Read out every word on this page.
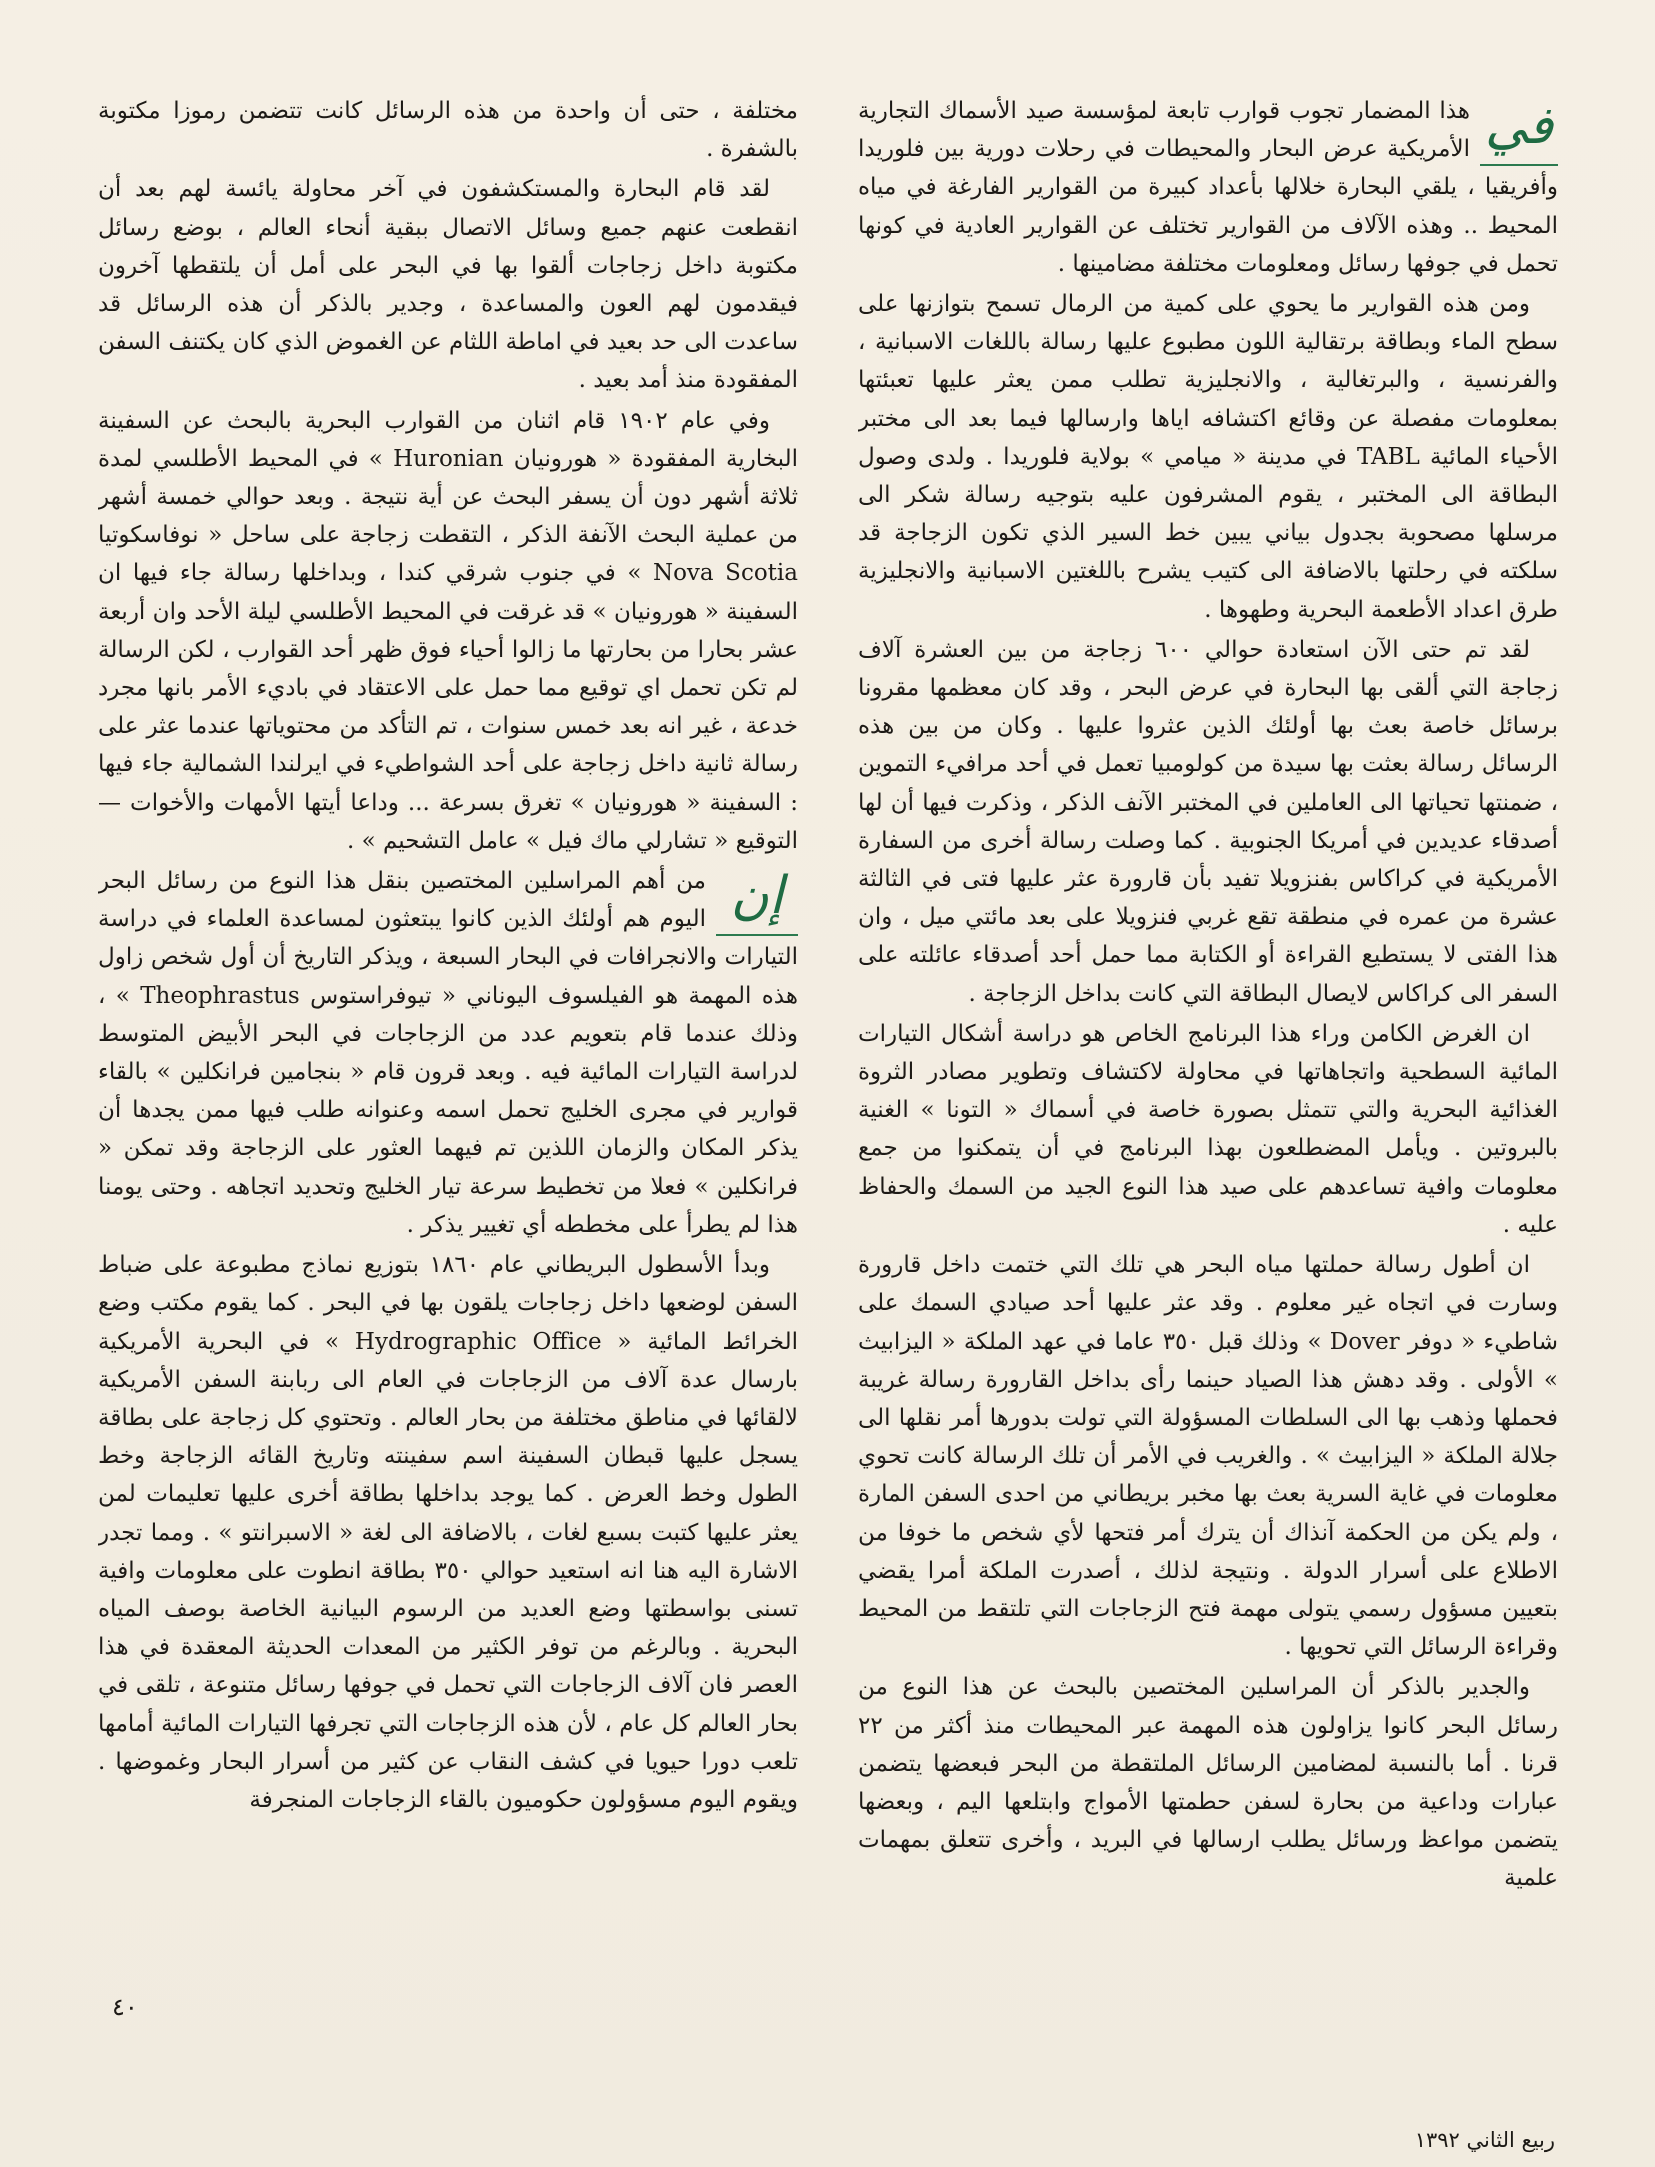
في

هذا المضمار تجوب قوارب تابعة لمؤسسة صيد الأسماك التجارية الأمريكية عرض البحار والمحيطات في رحلات دورية بين فلوريدا وأفريقيا ، يلقي البحارة خلالها بأعداد كبيرة من القوارير الفارغة في مياه المحيط .. وهذه الآلاف من القوارير تختلف عن القوارير العادية في كونها تحمل في جوفها رسائل ومعلومات مختلفة مضامينها .

ومن هذه القوارير ما يحوي على كمية من الرمال تسمح بتوازنها على سطح الماء وبطاقة برتقالية اللون مطبوع عليها رسالة باللغات الاسبانية ، والفرنسية ، والبرتغالية ، والانجليزية تطلب ممن يعثر عليها تعبئتها بمعلومات مفصلة عن وقائع اكتشافه اياها وارسالها فيما بعد الى مختبر الأحياء المائية TABL في مدينة « ميامي » بولاية فلوريدا . ولدى وصول البطاقة الى المختبر ، يقوم المشرفون عليه بتوجيه رسالة شكر الى مرسلها مصحوبة بجدول بياني يبين خط السير الذي تكون الزجاجة قد سلكته في رحلتها بالاضافة الى كتيب يشرح باللغتين الاسبانية والانجليزية طرق اعداد الأطعمة البحرية وطهوها .

لقد تم حتى الآن استعادة حوالي ٦٠٠ زجاجة من بين العشرة آلاف زجاجة التي ألقى بها البحارة في عرض البحر ، وقد كان معظمها مقرونا برسائل خاصة بعث بها أولئك الذين عثروا عليها . وكان من بين هذه الرسائل رسالة بعثت بها سيدة من كولومبيا تعمل في أحد مرافيء التموين ، ضمنتها تحياتها الى العاملين في المختبر الآنف الذكر ، وذكرت فيها أن لها أصدقاء عديدين في أمريكا الجنوبية . كما وصلت رسالة أخرى من السفارة الأمريكية في كراكاس بفنزويلا تفيد بأن قارورة عثر عليها فتى في الثالثة عشرة من عمره في منطقة تقع غربي فنزويلا على بعد مائتي ميل ، وان هذا الفتى لا يستطيع القراءة أو الكتابة مما حمل أحد أصدقاء عائلته على السفر الى كراكاس لايصال البطاقة التي كانت بداخل الزجاجة .

ان الغرض الكامن وراء هذا البرنامج الخاص هو دراسة أشكال التيارات المائية السطحية واتجاهاتها في محاولة لاكتشاف وتطوير مصادر الثروة الغذائية البحرية والتي تتمثل بصورة خاصة في أسماك « التونا » الغنية بالبروتين . ويأمل المضطلعون بهذا البرنامج في أن يتمكنوا من جمع معلومات وافية تساعدهم على صيد هذا النوع الجيد من السمك والحفاظ عليه .

ان أطول رسالة حملتها مياه البحر هي تلك التي ختمت داخل قارورة وسارت في اتجاه غير معلوم . وقد عثر عليها أحد صيادي السمك على شاطيء « دوفر Dover » وذلك قبل ٣٥٠ عاما في عهد الملكة « اليزابيث » الأولى . وقد دهش هذا الصياد حينما رأى بداخل القارورة رسالة غريبة فحملها وذهب بها الى السلطات المسؤولة التي تولت بدورها أمر نقلها الى جلالة الملكة « اليزابيث » . والغريب في الأمر أن تلك الرسالة كانت تحوي معلومات في غاية السرية بعث بها مخبر بريطاني من احدى السفن المارة ، ولم يكن من الحكمة آنذاك أن يترك أمر فتحها لأي شخص ما خوفا من الاطلاع على أسرار الدولة . ونتيجة لذلك ، أصدرت الملكة أمرا يقضي بتعيين مسؤول رسمي يتولى مهمة فتح الزجاجات التي تلتقط من المحيط وقراءة الرسائل التي تحويها .

والجدير بالذكر أن المراسلين المختصين بالبحث عن هذا النوع من رسائل البحر كانوا يزاولون هذه المهمة عبر المحيطات منذ أكثر من ٢٢ قرنا . أما بالنسبة لمضامين الرسائل الملتقطة من البحر فبعضها يتضمن عبارات وداعية من بحارة لسفن حطمتها الأمواج وابتلعها اليم ، وبعضها يتضمن مواعظ ورسائل يطلب ارسالها في البريد ، وأخرى تتعلق بمهمات علمية

مختلفة ، حتى أن واحدة من هذه الرسائل كانت تتضمن رموزا مكتوبة بالشفرة .

لقد قام البحارة والمستكشفون في آخر محاولة يائسة لهم بعد أن انقطعت عنهم جميع وسائل الاتصال ببقية أنحاء العالم ، بوضع رسائل مكتوبة داخل زجاجات ألقوا بها في البحر على أمل أن يلتقطها آخرون فيقدمون لهم العون والمساعدة ، وجدير بالذكر أن هذه الرسائل قد ساعدت الى حد بعيد في اماطة اللثام عن الغموض الذي كان يكتنف السفن المفقودة منذ أمد بعيد .

وفي عام ١٩٠٢ قام اثنان من القوارب البحرية بالبحث عن السفينة البخارية المفقودة « هورونيان Huronian » في المحيط الأطلسي لمدة ثلاثة أشهر دون أن يسفر البحث عن أية نتيجة . وبعد حوالي خمسة أشهر من عملية البحث الآنفة الذكر ، التقطت زجاجة على ساحل « نوفاسكوتيا Nova Scotia » في جنوب شرقي كندا ، وبداخلها رسالة جاء فيها ان السفينة « هورونيان » قد غرقت في المحيط الأطلسي ليلة الأحد وان أربعة عشر بحارا من بحارتها ما زالوا أحياء فوق ظهر أحد القوارب ، لكن الرسالة لم تكن تحمل اي توقيع مما حمل على الاعتقاد في باديء الأمر بانها مجرد خدعة ، غير انه بعد خمس سنوات ، تم التأكد من محتوياتها عندما عثر على رسالة ثانية داخل زجاجة على أحد الشواطيء في ايرلندا الشمالية جاء فيها : السفينة « هورونيان » تغرق بسرعة ... وداعا أيتها الأمهات والأخوات — التوقيع « تشارلي ماك فيل » عامل التشحيم » .

إن

من أهم المراسلين المختصين بنقل هذا النوع من رسائل البحر اليوم هم أولئك الذين كانوا يبتعثون لمساعدة العلماء في دراسة التيارات والانجرافات في البحار السبعة ، ويذكر التاريخ أن أول شخص زاول هذه المهمة هو الفيلسوف اليوناني « تيوفراستوس Theophrastus » ، وذلك عندما قام بتعويم عدد من الزجاجات في البحر الأبيض المتوسط لدراسة التيارات المائية فيه . وبعد قرون قام « بنجامين فرانكلين » بالقاء قوارير في مجرى الخليج تحمل اسمه وعنوانه طلب فيها ممن يجدها أن يذكر المكان والزمان اللذين تم فيهما العثور على الزجاجة وقد تمكن « فرانكلين » فعلا من تخطيط سرعة تيار الخليج وتحديد اتجاهه . وحتى يومنا هذا لم يطرأ على مخططه أي تغيير يذكر .

وبدأ الأسطول البريطاني عام ١٨٦٠ بتوزيع نماذج مطبوعة على ضباط السفن لوضعها داخل زجاجات يلقون بها في البحر . كما يقوم مكتب وضع الخرائط المائية « Hydrographic Office » في البحرية الأمريكية بارسال عدة آلاف من الزجاجات في العام الى ربابنة السفن الأمريكية لالقائها في مناطق مختلفة من بحار العالم . وتحتوي كل زجاجة على بطاقة يسجل عليها قبطان السفينة اسم سفينته وتاريخ القائه الزجاجة وخط الطول وخط العرض . كما يوجد بداخلها بطاقة أخرى عليها تعليمات لمن يعثر عليها كتبت بسبع لغات ، بالاضافة الى لغة « الاسبرانتو » . ومما تجدر الاشارة اليه هنا انه استعيد حوالي ٣٥٠ بطاقة انطوت على معلومات وافية تسنى بواسطتها وضع العديد من الرسوم البيانية الخاصة بوصف المياه البحرية . وبالرغم من توفر الكثير من المعدات الحديثة المعقدة في هذا العصر فان آلاف الزجاجات التي تحمل في جوفها رسائل متنوعة ، تلقى في بحار العالم كل عام ، لأن هذه الزجاجات التي تجرفها التيارات المائية أمامها تلعب دورا حيويا في كشف النقاب عن كثير من أسرار البحار وغموضها . ويقوم اليوم مسؤولون حكوميون بالقاء الزجاجات المنجرفة

٤٠
ربيع الثاني ١٣٩٢
